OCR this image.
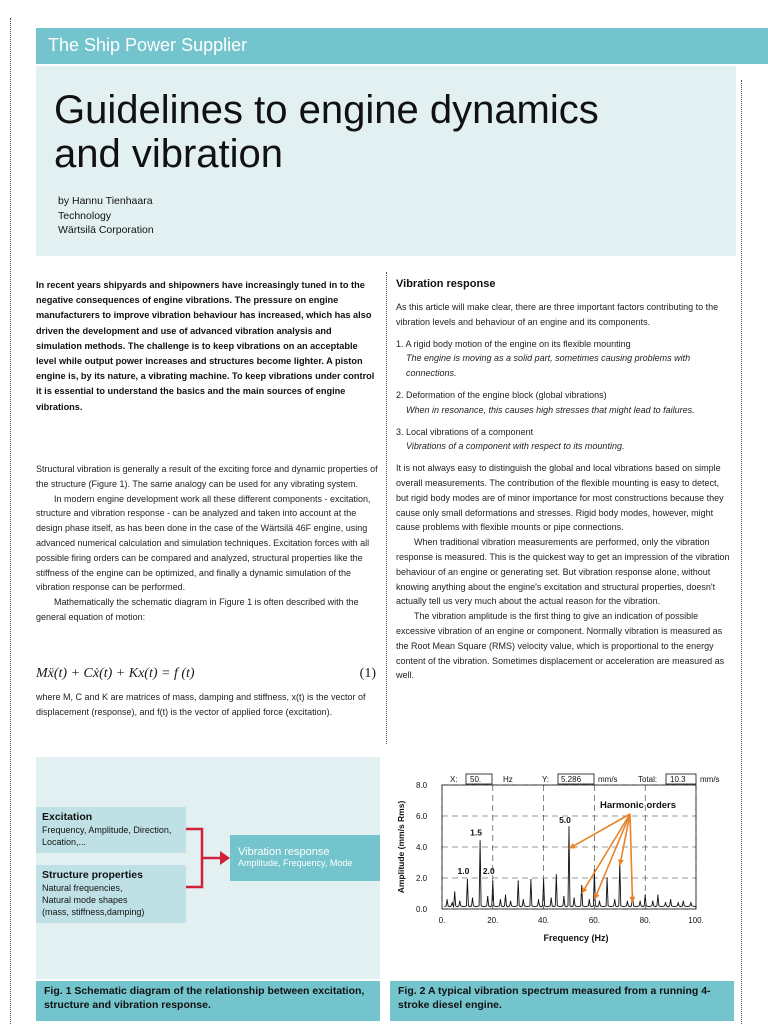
The Ship Power Supplier
Guidelines to engine dynamics
and vibration
by Hannu Tienhaara
Technology
Wärtsilä Corporation
In recent years shipyards and shipowners have increasingly tuned in to the negative consequences of engine vibrations. The pressure on engine manufacturers to improve vibration behaviour has increased, which has also driven the development and use of advanced vibration analysis and simulation methods. The challenge is to keep vibrations on an acceptable level while output power increases and structures become lighter. A piston engine is, by its nature, a vibrating machine. To keep vibrations under control it is essential to understand the basics and the main sources of engine vibrations.

Structural vibration is generally a result of the exciting force and dynamic properties of the structure (Figure 1). The same analogy can be used for any vibrating system.

In modern engine development work all these different components - excitation, structure and vibration response - can be analyzed and taken into account at the design phase itself, as has been done in the case of the Wärtsilä 46F engine, using advanced numerical calculation and simulation techniques. Excitation forces with all possible firing orders can be compared and analyzed, structural properties like the stiffness of the engine can be optimized, and finally a dynamic simulation of the vibration response can be performed.

Mathematically the schematic diagram in Figure 1 is often described with the general equation of motion:

Mẍ(t) + Cẋ(t) + Kx(t) = f (t)	(1)

where M, C and K are matrices of mass, damping and stiffness, x(t) is the vector of displacement (response), and f(t) is the vector of applied force (excitation).

Vibration response

As this article will make clear, there are three important factors contributing to the vibration levels and behaviour of an engine and its components.

1. A rigid body motion of the engine on its flexible mounting
The engine is moving as a solid part, sometimes causing problems with connections.
2. Deformation of the engine block (global vibrations)
When in resonance, this causes high stresses that might lead to failures.
3. Local vibrations of a component
Vibrations of a component with respect to its mounting.

It is not always easy to distinguish the global and local vibrations based on simple overall measurements. The contribution of the flexible mounting is easy to detect, but rigid body modes are of minor importance for most constructions because they cause only small deformations and stresses. Rigid body modes, however, might cause problems with flexible mounts or pipe connections.

When traditional vibration measurements are performed, only the vibration response is measured. This is the quickest way to get an impression of the vibration behaviour of an engine or generating set. But vibration response alone, without knowing anything about the engine's excitation and structural properties, doesn't actually tell us very much about the actual reason for the vibration.

The vibration amplitude is the first thing to give an indication of possible excessive vibration of an engine or component. Normally vibration is measured as the Root Mean Square (RMS) velocity value, which is proportional to the energy content of the vibration. Sometimes displacement or acceleration are measured as well.

Excitation
Frequency, Amplitude, Direction, Location,...
Structure properties
Natural frequencies,
Natural mode shapes
(mass, stiffness,damping)
Vibration response
Amplitude, Frequency, Mode
Fig. 1 Schematic diagram of the relationship between excitation, structure and vibration response.
0.0
2.0
4.0
6.0
8.0
0.	20.	40.	60.	80.	100.
1.0
1.5
2.0
5.0
X: 50.	Hz	Y: 5.286 mm/s	Total: 10.3 mm/s
Harmonic orders
Frequency (Hz)
Amplitude (mm/s Rms)
Fig. 2 A typical vibration spectrum measured from a running 4-stroke diesel engine.
